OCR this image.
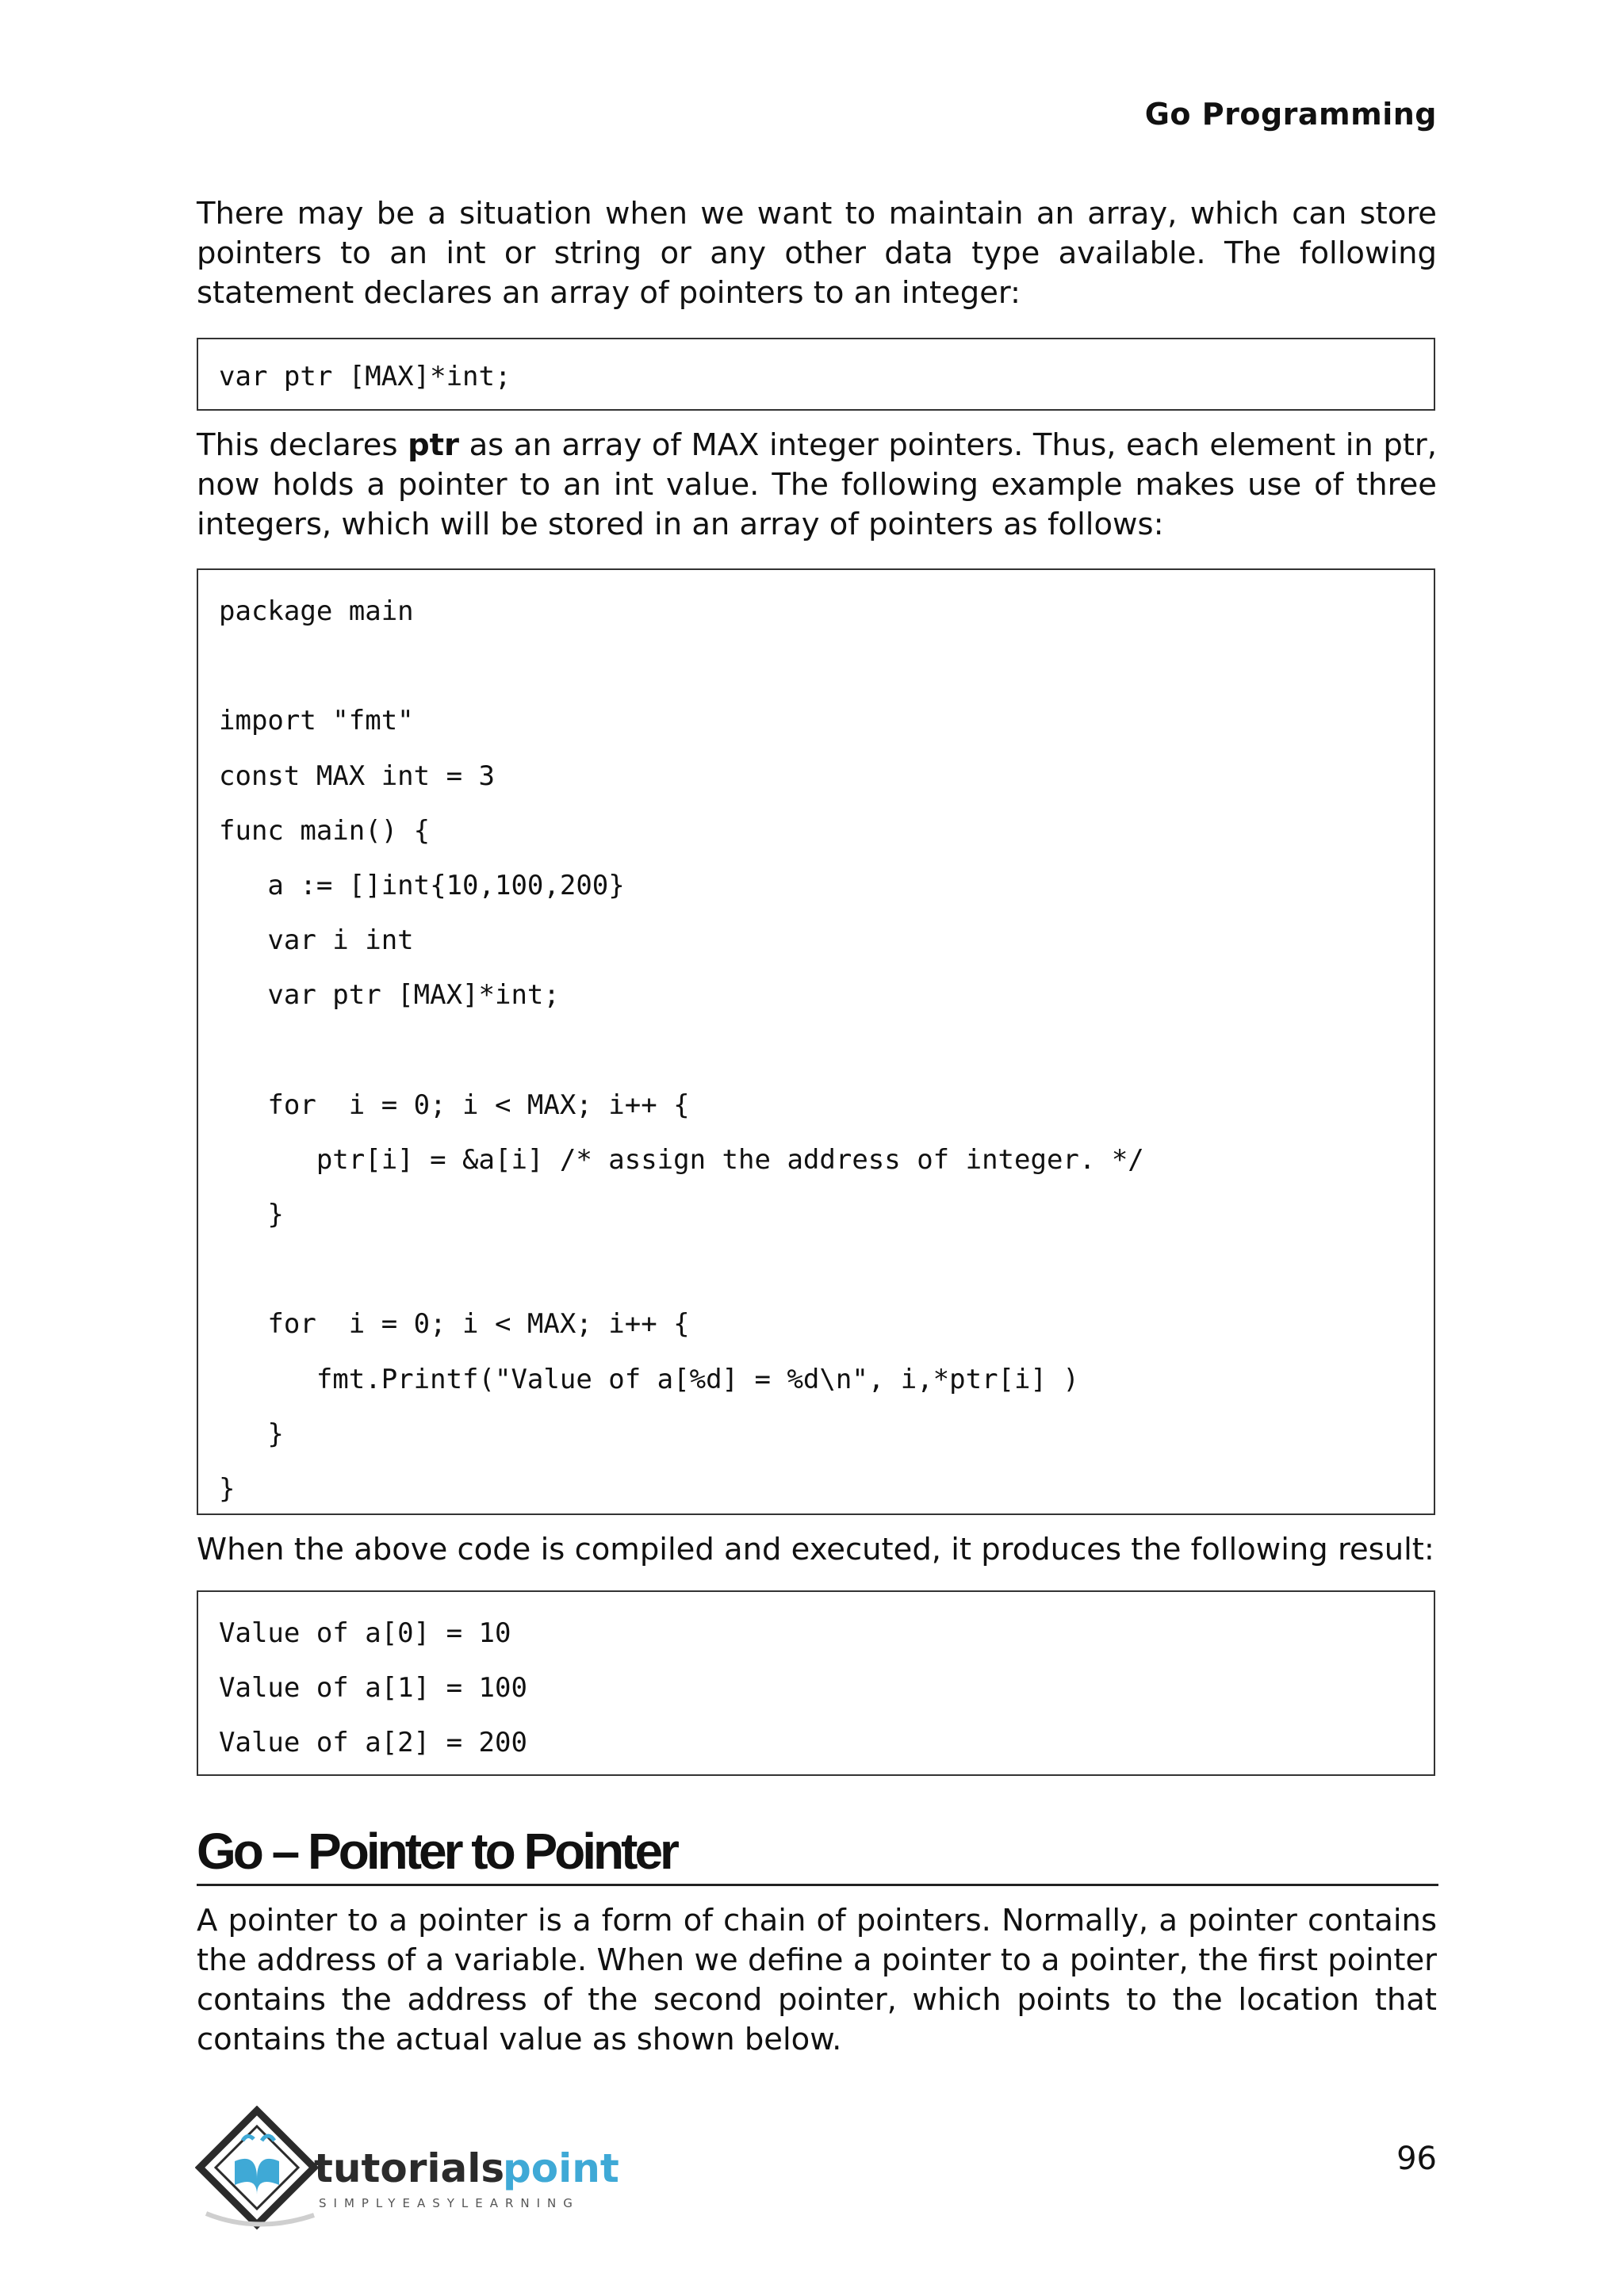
Go Programming

There may be a situation when we want to maintain an array, which can store pointers to an int or string or any other data type available. The following statement declares an array of pointers to an integer:

var ptr [MAX]*int;

This declares ptr as an array of MAX integer pointers. Thus, each element in ptr, now holds a pointer to an int value. The following example makes use of three integers, which will be stored in an array of pointers as follows:

package main
import "fmt"
const MAX int = 3
func main() {
a := []int{10,100,200}
var i int
var ptr [MAX]*int;
for  i = 0; i < MAX; i++ {
ptr[i] = &a[i] /* assign the address of integer. */
}
for  i = 0; i < MAX; i++ {
fmt.Printf("Value of a[%d] = %d\n", i,*ptr[i] )
}
}

When the above code is compiled and executed, it produces the following result:

Value of a[0] = 10
Value of a[1] = 100
Value of a[2] = 200
Go – Pointer to Pointer

A pointer to a pointer is a form of chain of pointers. Normally, a pointer contains the address of a variable. When we define a pointer to a pointer, the first pointer contains the address of the second pointer, which points to the location that contains the actual value as shown below.

tutorials
point
SIMPLYEASYLEARNING
96
